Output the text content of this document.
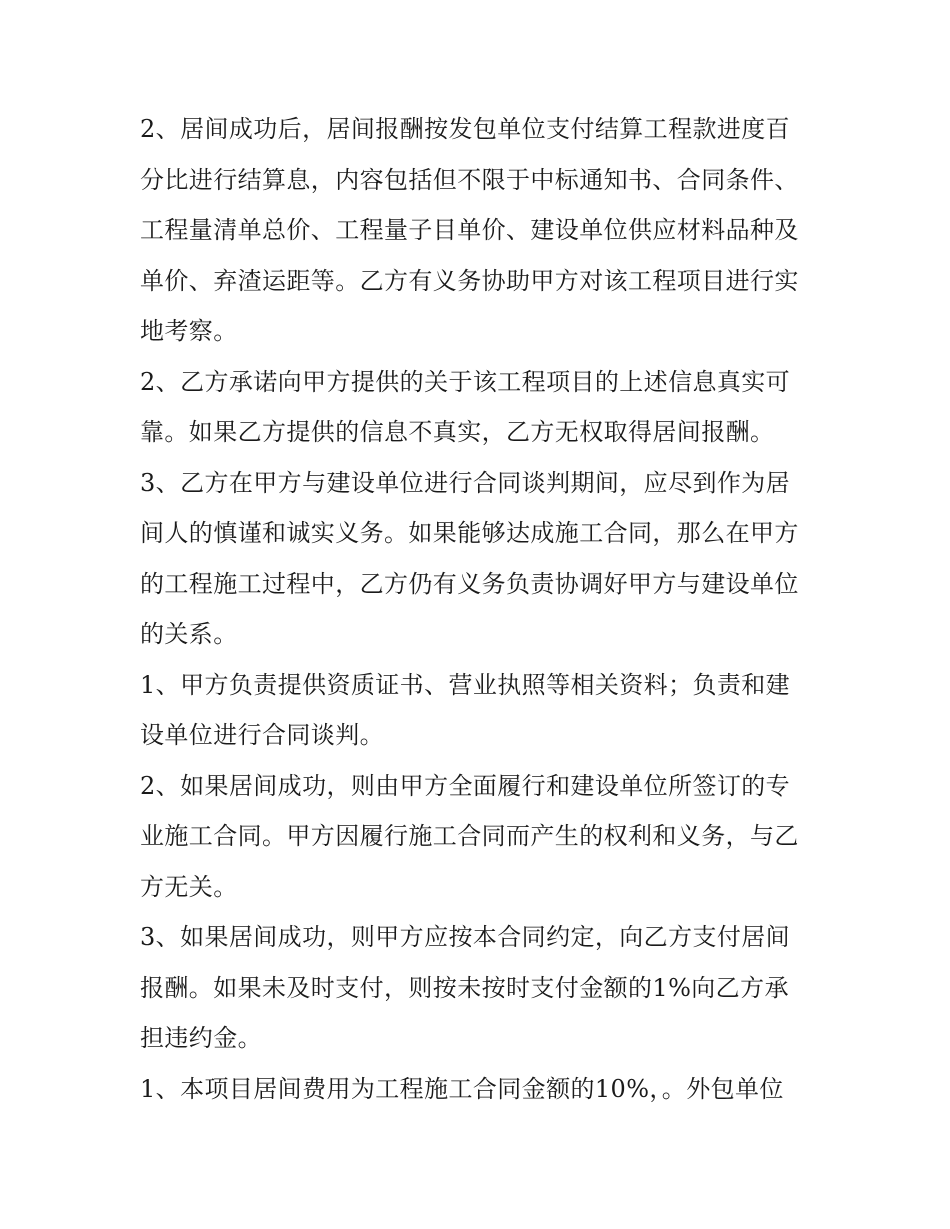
2、居间成功后，居间报酬按发包单位支付结算工程款进度百
分比进行结算息，内容包括但不限于中标通知书、合同条件、
工程量清单总价、工程量子目单价、建设单位供应材料品种及
单价、弃渣运距等。乙方有义务协助甲方对该工程项目进行实
地考察。
2、乙方承诺向甲方提供的关于该工程项目的上述信息真实可
靠。如果乙方提供的信息不真实，乙方无权取得居间报酬。
3、乙方在甲方与建设单位进行合同谈判期间，应尽到作为居
间人的慎谨和诚实义务。如果能够达成施工合同，那么在甲方
的工程施工过程中，乙方仍有义务负责协调好甲方与建设单位
的关系。
1、甲方负责提供资质证书、营业执照等相关资料；负责和建
设单位进行合同谈判。
2、如果居间成功，则由甲方全面履行和建设单位所签订的专
业施工合同。甲方因履行施工合同而产生的权利和义务，与乙
方无关。
3、如果居间成功，则甲方应按本合同约定，向乙方支付居间
报酬。如果未及时支付，则按未按时支付金额的1%向乙方承
担违约金。
1、本项目居间费用为工程施工合同金额的10%，。外包单位
